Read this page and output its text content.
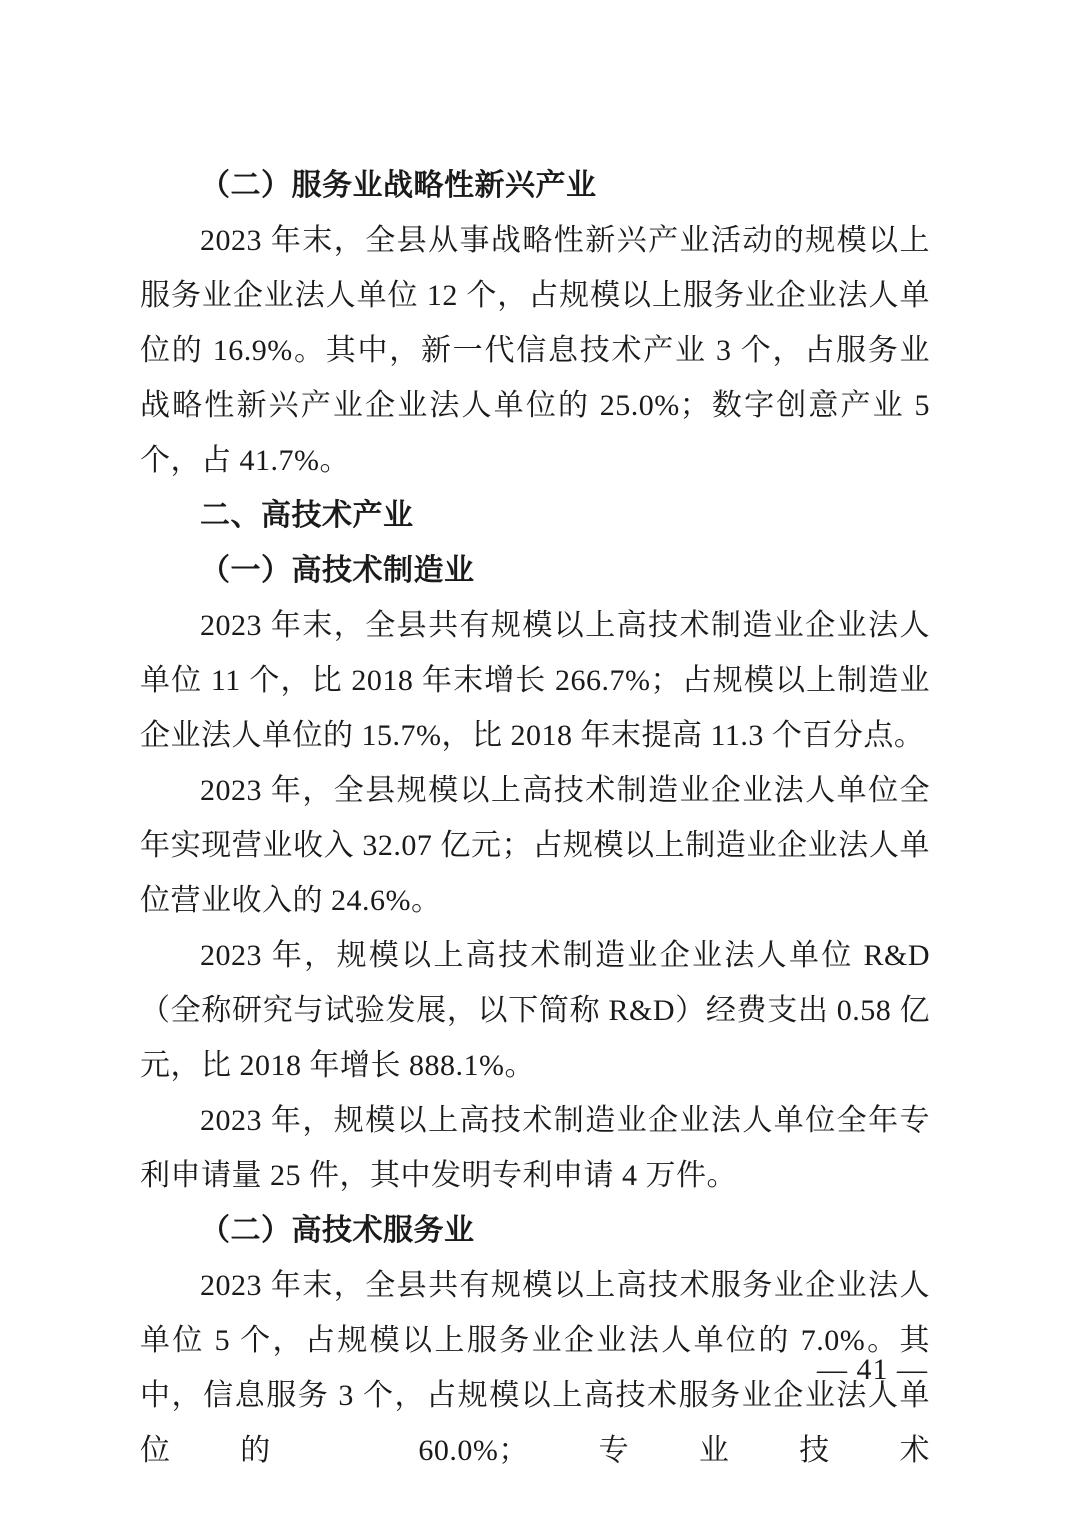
（二）服务业战略性新兴产业

2023 年末，全县从事战略性新兴产业活动的规模以上服务业企业法人单位 12 个，占规模以上服务业企业法人单位的 16.9%。其中，新一代信息技术产业 3 个，占服务业战略性新兴产业企业法人单位的 25.0%；数字创意产业 5 个，占 41.7%。

二、高技术产业

（一）高技术制造业

2023 年末，全县共有规模以上高技术制造业企业法人单位 11 个，比 2018 年末增长 266.7%；占规模以上制造业企业法人单位的 15.7%，比 2018 年末提高 11.3 个百分点。

2023 年，全县规模以上高技术制造业企业法人单位全年实现营业收入 32.07 亿元；占规模以上制造业企业法人单位营业收入的 24.6%。

2023 年，规模以上高技术制造业企业法人单位 R&D（全称研究与试验发展，以下简称 R&D）经费支出 0.58 亿元，比 2018 年增长 888.1%。

2023 年，规模以上高技术制造业企业法人单位全年专利申请量 25 件，其中发明专利申请 4 万件。

（二）高技术服务业

2023 年末，全县共有规模以上高技术服务业企业法人单位 5 个，占规模以上服务业企业法人单位的 7.0%。其中，信息服务 3 个，占规模以上高技术服务业企业法人单位的 60.0%；专业技术

— 41 —
